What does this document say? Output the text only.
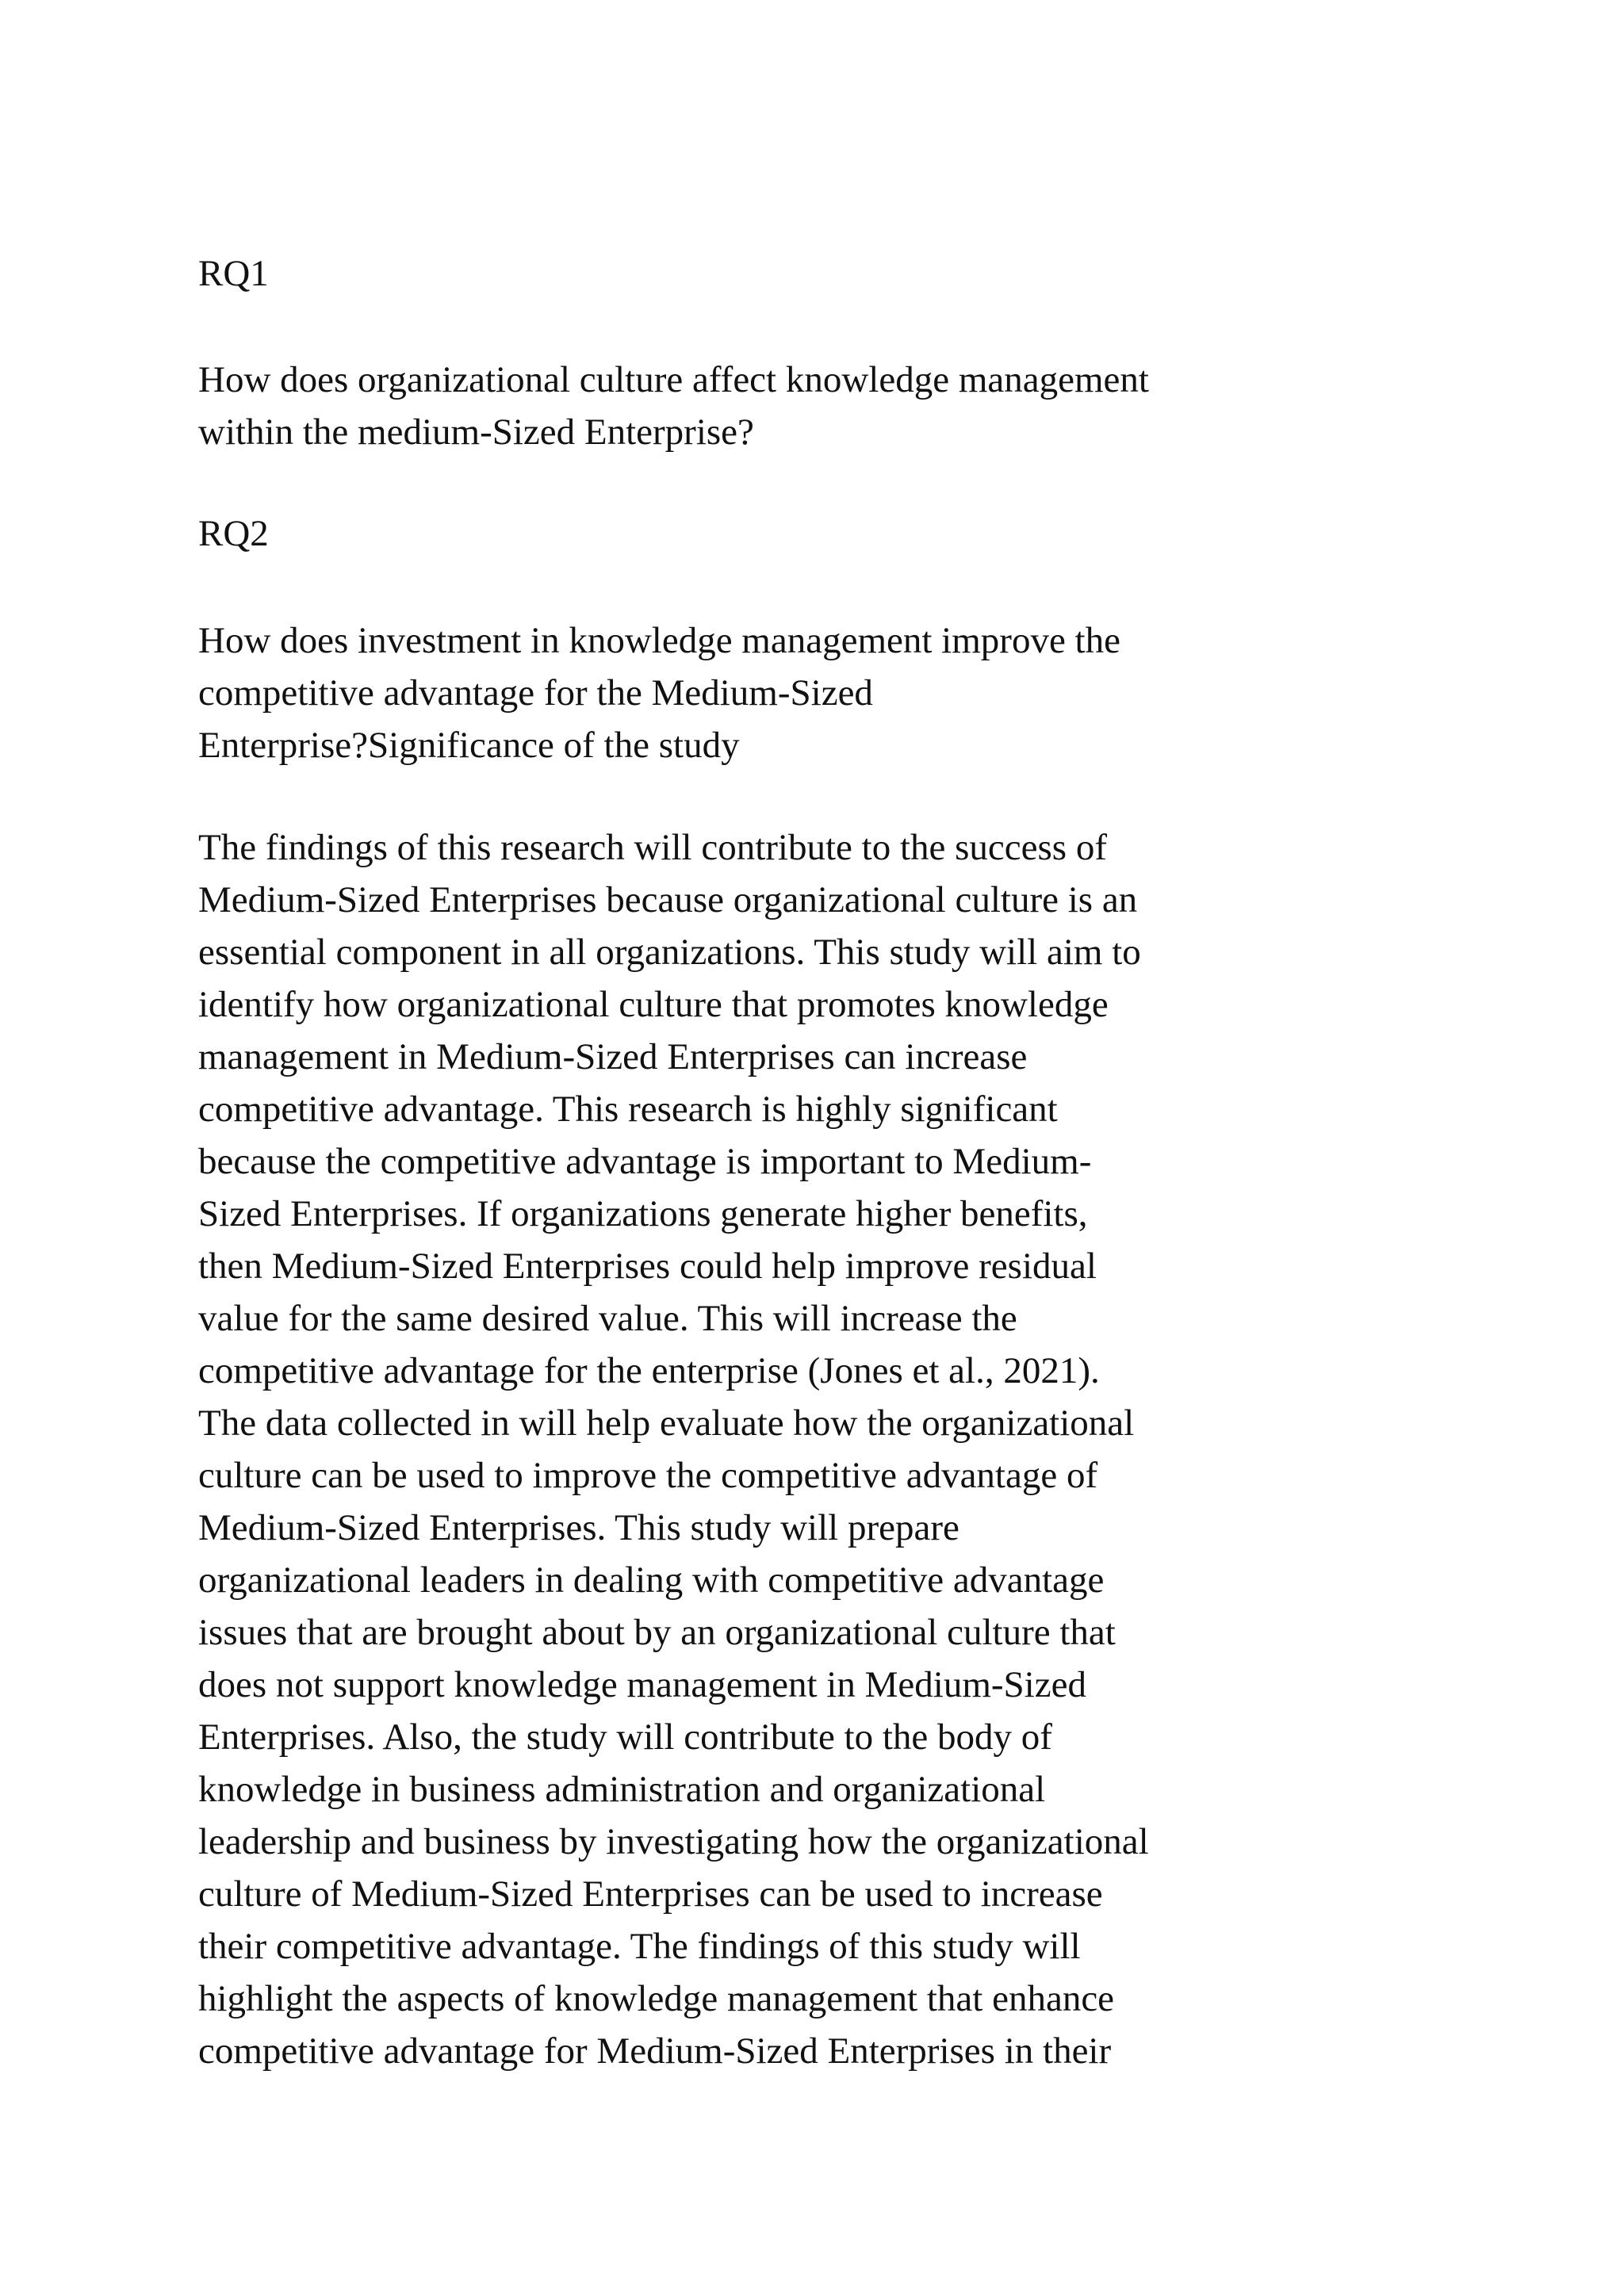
RQ1

How does organizational culture affect knowledge management
within the medium-Sized Enterprise?

RQ2

How does investment in knowledge management improve the
competitive advantage for the Medium-Sized
Enterprise?Significance of the study

The findings of this research will contribute to the success of
Medium-Sized Enterprises because organizational culture is an
essential component in all organizations. This study will aim to
identify how organizational culture that promotes knowledge
management in Medium-Sized Enterprises can increase
competitive advantage. This research is highly significant
because the competitive advantage is important to Medium-
Sized Enterprises. If organizations generate higher benefits,
then Medium-Sized Enterprises could help improve residual
value for the same desired value. This will increase the
competitive advantage for the enterprise (Jones et al., 2021).
The data collected in will help evaluate how the organizational
culture can be used to improve the competitive advantage of
Medium-Sized Enterprises. This study will prepare
organizational leaders in dealing with competitive advantage
issues that are brought about by an organizational culture that
does not support knowledge management in Medium-Sized
Enterprises. Also, the study will contribute to the body of
knowledge in business administration and organizational
leadership and business by investigating how the organizational
culture of Medium-Sized Enterprises can be used to increase
their competitive advantage. The findings of this study will
highlight the aspects of knowledge management that enhance
competitive advantage for Medium-Sized Enterprises in their
